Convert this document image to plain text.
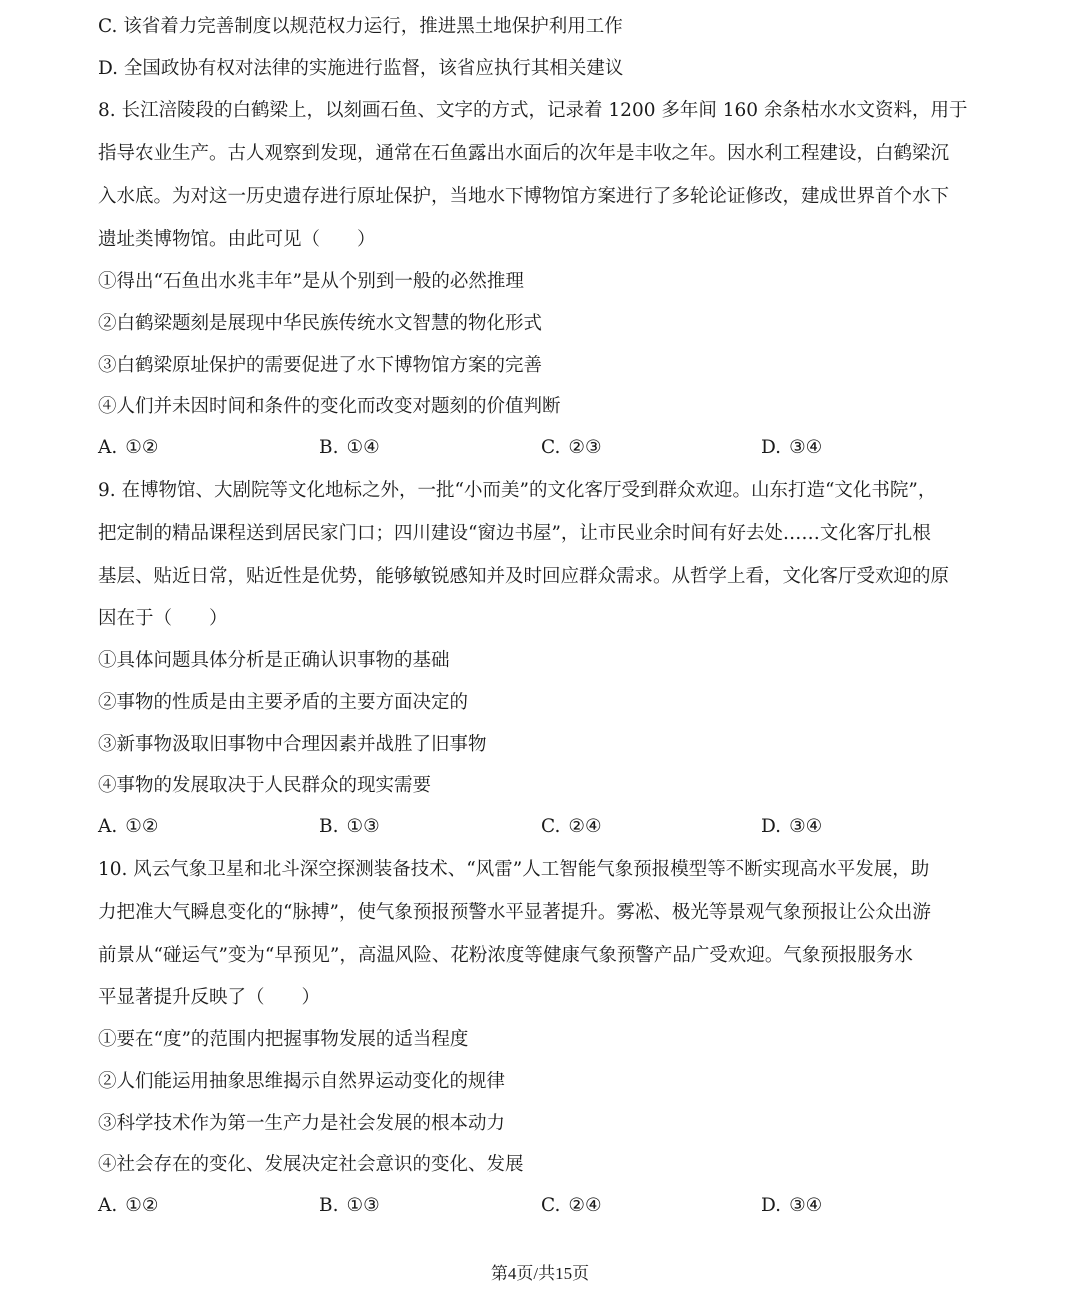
C. 该省着力完善制度以规范权力运行，推进黑土地保护利用工作
D. 全国政协有权对法律的实施进行监督，该省应执行其相关建议
8. 长江涪陵段的白鹤梁上，以刻画石鱼、文字的方式，记录着 1200 多年间 160 余条枯水水文资料，用于
指导农业生产。古人观察到发现，通常在石鱼露出水面后的次年是丰收之年。因水利工程建设，白鹤梁沉
入水底。为对这一历史遗存进行原址保护，当地水下博物馆方案进行了多轮论证修改，建成世界首个水下
遗址类博物馆。由此可见（　　）
①得出“石鱼出水兆丰年”是从个别到一般的必然推理
②白鹤梁题刻是展现中华民族传统水文智慧的物化形式
③白鹤梁原址保护的需要促进了水下博物馆方案的完善
④人们并未因时间和条件的变化而改变对题刻的价值判断
A. ①②	B. ①④	C. ②③	D. ③④
9. 在博物馆、大剧院等文化地标之外，一批“小而美”的文化客厅受到群众欢迎。山东打造“文化书院”，
把定制的精品课程送到居民家门口；四川建设“窗边书屋”，让市民业余时间有好去处……文化客厅扎根
基层、贴近日常，贴近性是优势，能够敏锐感知并及时回应群众需求。从哲学上看，文化客厅受欢迎的原
因在于（　　）
①具体问题具体分析是正确认识事物的基础
②事物的性质是由主要矛盾的主要方面决定的
③新事物汲取旧事物中合理因素并战胜了旧事物
④事物的发展取决于人民群众的现实需要
A. ①②	B. ①③	C. ②④	D. ③④
10. 风云气象卫星和北斗深空探测装备技术、“风雷”人工智能气象预报模型等不断实现高水平发展，助
力把准大气瞬息变化的“脉搏”，使气象预报预警水平显著提升。雾凇、极光等景观气象预报让公众出游
前景从“碰运气”变为“早预见”，高温风险、花粉浓度等健康气象预警产品广受欢迎。气象预报服务水
平显著提升反映了（　　）
①要在“度”的范围内把握事物发展的适当程度
②人们能运用抽象思维揭示自然界运动变化的规律
③科学技术作为第一生产力是社会发展的根本动力
④社会存在的变化、发展决定社会意识的变化、发展
A. ①②	B. ①③	C. ②④	D. ③④
第4页/共15页
